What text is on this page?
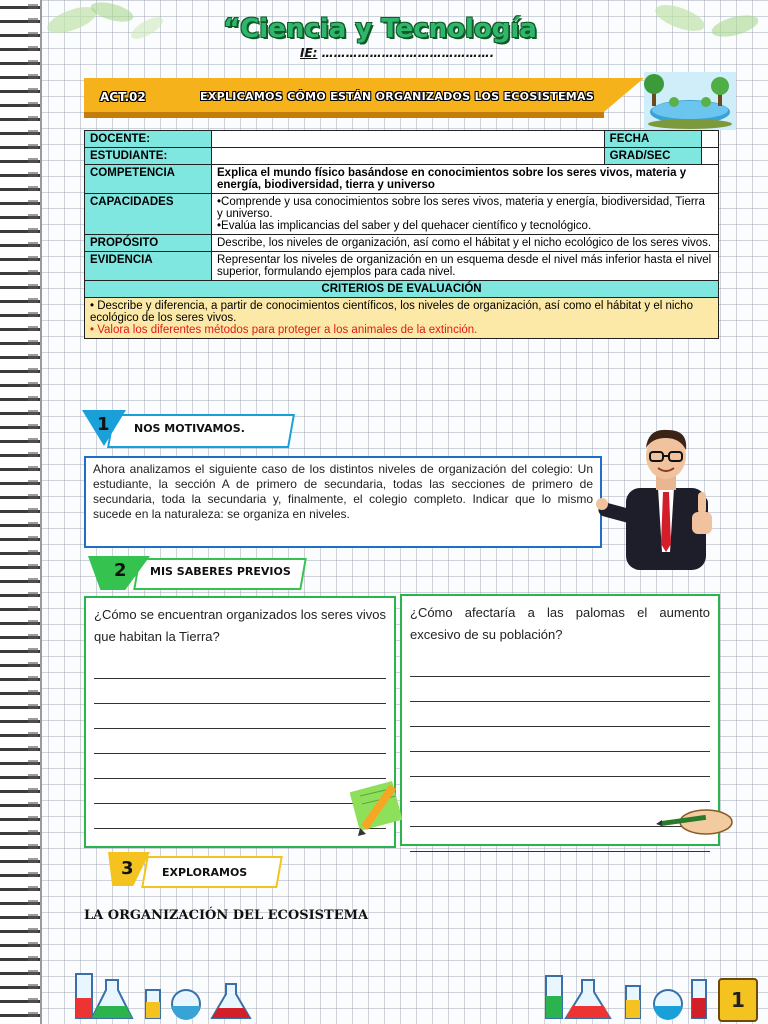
“Ciencia y Tecnología
IE: …………………………………….
ACT.02	EXPLICAMOS CÓMO ESTÁN ORGANIZADOS LOS ECOSISTEMAS
DOCENTE:		FECHA	
ESTUDIANTE:		GRAD/SEC	
COMPETENCIA	Explica el mundo físico basándose en conocimientos sobre los seres vivos, materia y energía, biodiversidad, tierra y universo		
CAPACIDADES	•Comprende y usa conocimientos sobre los seres vivos, materia y energía, biodiversidad, Tierra y universo.
•Evalúa las implicancias del saber y del quehacer científico y tecnológico.		

PROPÓSITO	Describe, los niveles de organización, así como el hábitat y el nicho ecológico de los seres vivos.		
EVIDENCIA	Representar los niveles de organización en un esquema desde el nivel más inferior hasta el nivel superior, formulando ejemplos para cada nivel.		
CRITERIOS DE EVALUACIÓN			

• Describe y diferencia, a partir de conocimientos científicos, los niveles de organización, así como el hábitat y el nicho ecológico de los seres vivos.
• Valora los diferentes métodos para proteger a los animales de la extinción.			
1 NOS MOTIVAMOS.
Ahora analizamos el siguiente caso de los distintos niveles de organización del colegio: Un estudiante, la sección A de primero de secundaria, todas las secciones de primero de secundaria, toda la secundaria y, finalmente, el colegio completo. Indicar que lo mismo sucede en la naturaleza: se organiza en niveles.
2 MIS SABERES PREVIOS
¿Cómo se encuentran organizados los seres vivos que habitan la Tierra?
¿Cómo afectaría a las palomas el aumento excesivo de su población?
3	EXPLORAMOS
LA ORGANIZACIÓN DEL ECOSISTEMA
1
